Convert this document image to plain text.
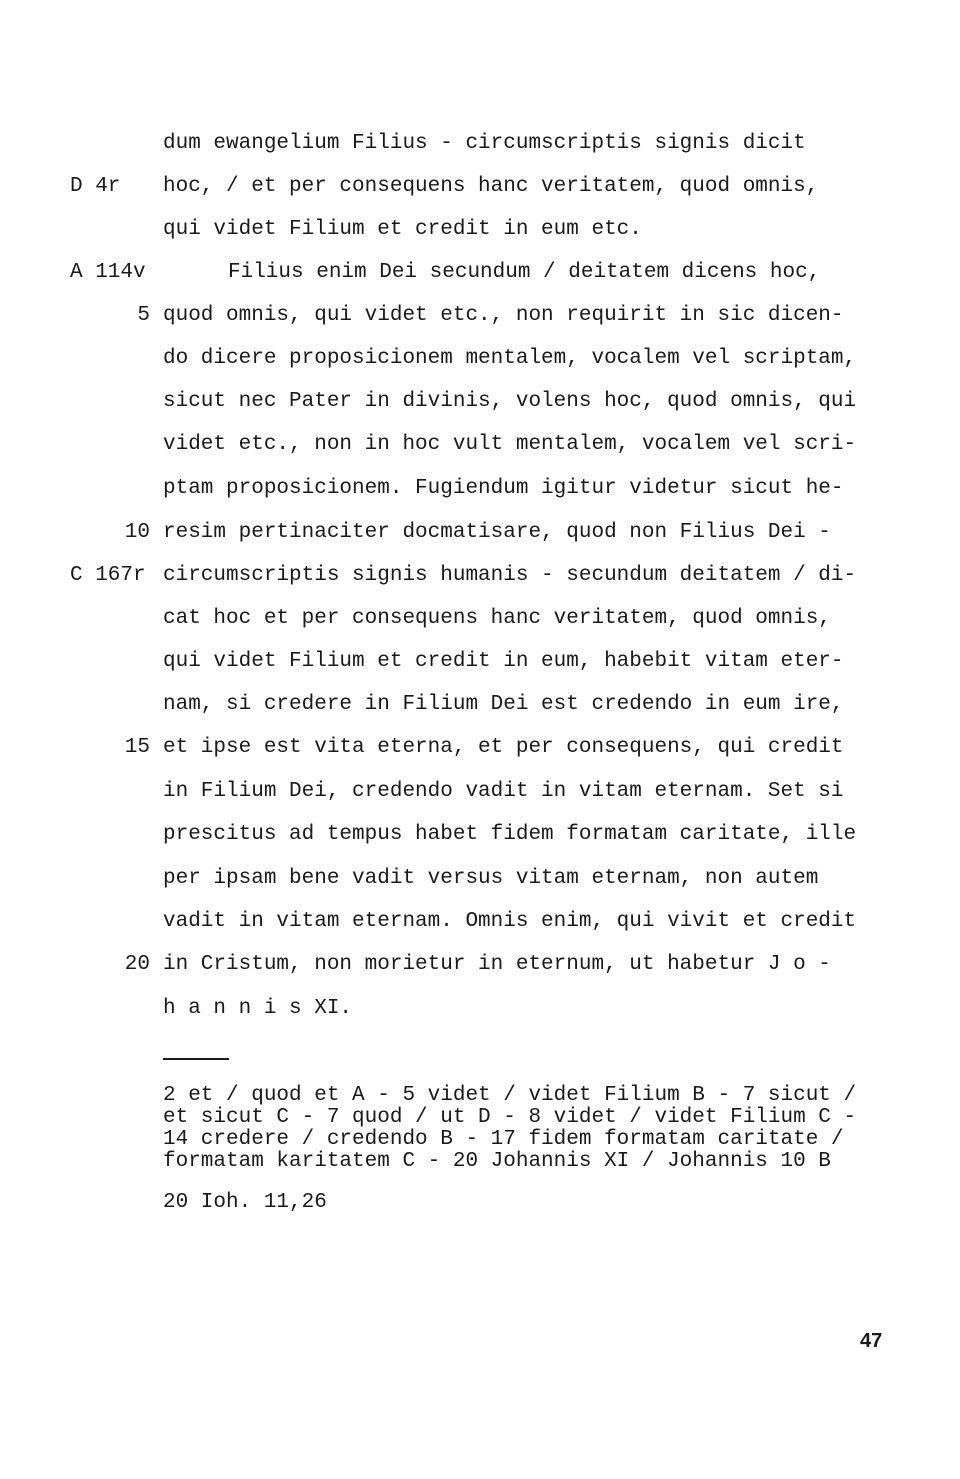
dum ewangelium Filius - circumscriptis signis dicit
D 4r	hoc, / et per consequens hanc veritatem, quod omnis,
qui videt Filium et credit in eum etc.
A 114v	Filius enim Dei secundum / deitatem dicens hoc,
5 quod omnis, qui videt etc., non requirit in sic dicen-
do dicere proposicionem mentalem, vocalem vel scriptam,
sicut nec Pater in divinis, volens hoc, quod omnis, qui
videt etc., non in hoc vult mentalem, vocalem vel scri-
ptam proposicionem. Fugiendum igitur videtur sicut he-
10 resim pertinaciter docmatisare, quod non Filius Dei -
C 167r circumscriptis signis humanis - secundum deitatem / di-
cat hoc et per consequens hanc veritatem, quod omnis,
qui videt Filium et credit in eum, habebit vitam eter-
nam, si credere in Filium Dei est credendo in eum ire,
15 et ipse est vita eterna, et per consequens, qui credit
in Filium Dei, credendo vadit in vitam eternam. Set si
prescitus ad tempus habet fidem formatam caritate, ille
per ipsam bene vadit versus vitam eternam, non autem
vadit in vitam eternam. Omnis enim, qui vivit et credit
20 in Cristum, non morietur in eternum, ut habetur J o -
h a n n i s XI.
2 et / quod et A - 5 videt / videt Filium B - 7 sicut /
et sicut C - 7 quod / ut D - 8 videt / videt Filium C -
14 credere / credendo B - 17 fidem formatam caritate /
formatam karitatem C - 20 Johannis XI / Johannis 10 B
20 Ioh. 11,26
47
